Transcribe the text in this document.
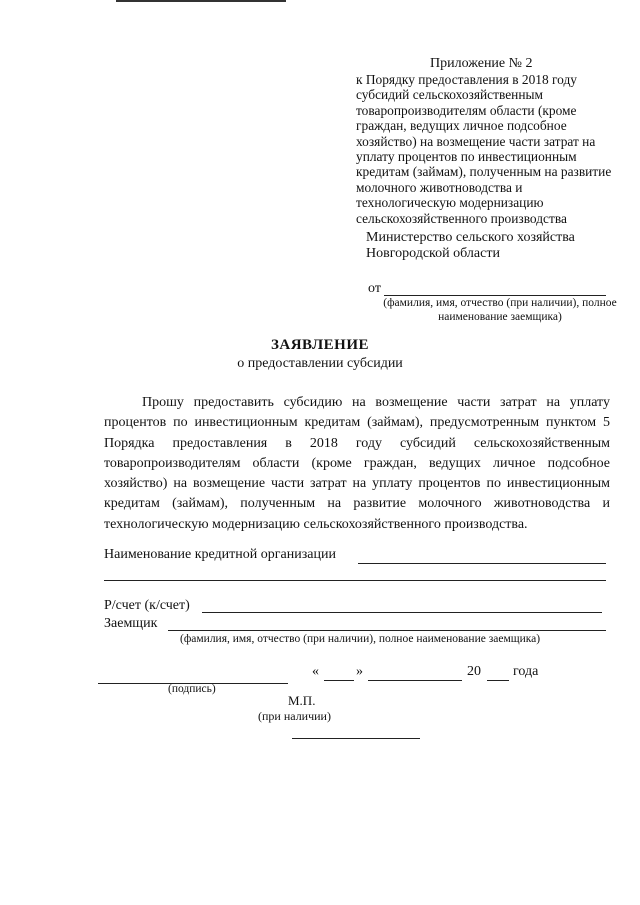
Приложение № 2
к Порядку предоставления в 2018 году субсидий сельскохозяйственным товаропроизводителям области (кроме граждан, ведущих личное подсобное хозяйство) на возмещение части затрат на уплату процентов по инвестиционным кредитам (займам), полученным на развитие молочного животноводства и технологическую модернизацию сельскохозяйственного производства
Министерство сельского хозяйства Новгородской области
от
(фамилия, имя, отчество (при наличии), полное наименование заемщика)
ЗАЯВЛЕНИЕ
о предоставлении субсидии
Прошу предоставить субсидию на возмещение части затрат на уплату процентов по инвестиционным кредитам (займам), предусмотренным пунктом 5 Порядка предоставления в 2018 году субсидий сельскохозяйственным товаропроизводителям области (кроме граждан, ведущих личное подсобное хозяйство) на возмещение части затрат на уплату процентов по инвестиционным кредитам (займам), полученным на развитие молочного животноводства и технологическую модернизацию сельскохозяйственного производства.
Наименование кредитной организации
Р/счет (к/счет)
Заемщик
(фамилия, имя, отчество (при наличии), полное наименование заемщика)
(подпись)
«	»	20 года
М.П.
(при наличии)
